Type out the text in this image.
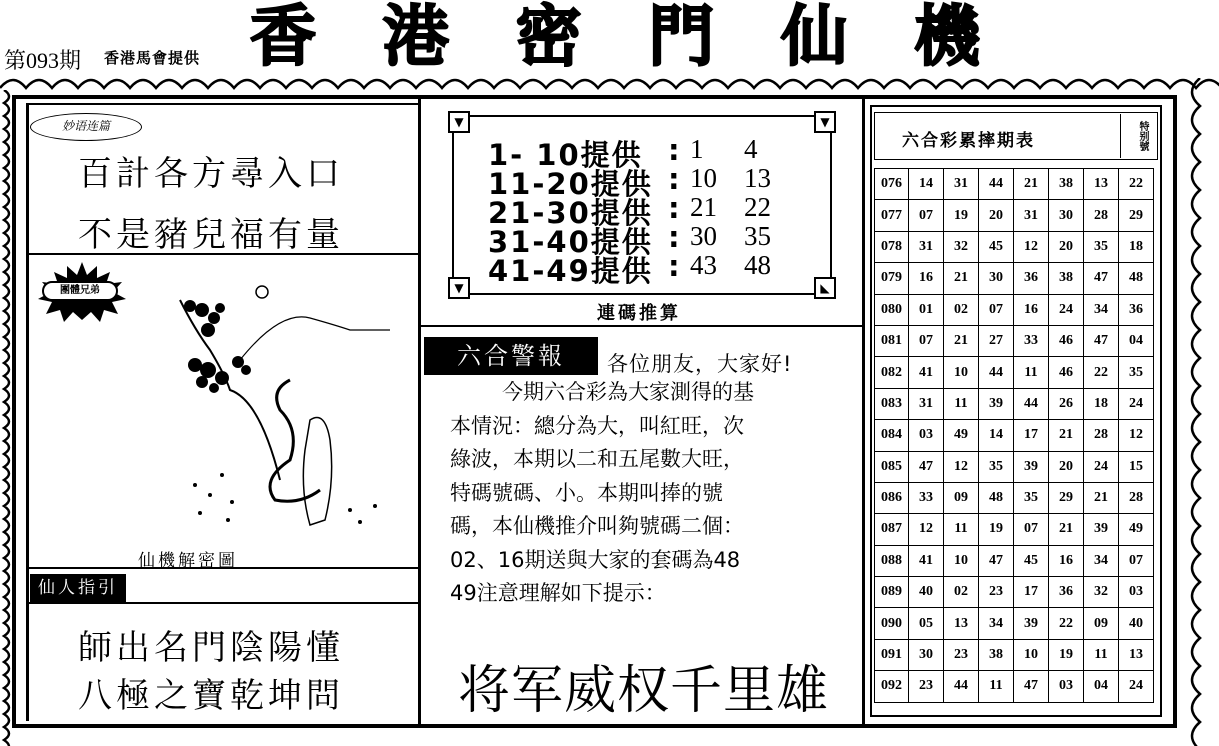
第093期 香港馬會提供 香 港 密 門 仙 機
妙语连篇
百計各方尋入口
不是豬兒福有量
團體兄弟
仙機解密圖
仙人指引
師出名門陰陽懂
八極之寶乾坤問
▼	▼
▼	◣
1- 10提供 : 1 4
11-20提供 : 10 13
21-30提供 : 21 22
31-40提供 : 30 35
41-49提供 : 43 48
連碼推算
六合警報	各位朋友，大家好!

今期六合彩為大家測得的基

本情況：總分為大，叫紅旺，次

綠波，本期以二和五尾數大旺，

特碼號碼、小。本期叫捧的號

碼，本仙機推介叫夠號碼二個：

02、16期送與大家的套碼為48

49注意理解如下提示：

将军威权千里雄
六合彩累摔期表	特别號
076	14	31	44	21	38	13	22
077	07	19	20	31	30	28	29
078	31	32	45	12	20	35	18
079	16	21	30	36	38	47	48
080	01	02	07	16	24	34	36
081	07	21	27	33	46	47	04
082	41	10	44	11	46	22	35
083	31	11	39	44	26	18	24
084	03	49	14	17	21	28	12
085	47	12	35	39	20	24	15
086	33	09	48	35	29	21	28
087	12	11	19	07	21	39	49
088	41	10	47	45	16	34	07
089	40	02	23	17	36	32	03
090	05	13	34	39	22	09	40
091	30	23	38	10	19	11	13
092	23	44	11	47	03	04	24
